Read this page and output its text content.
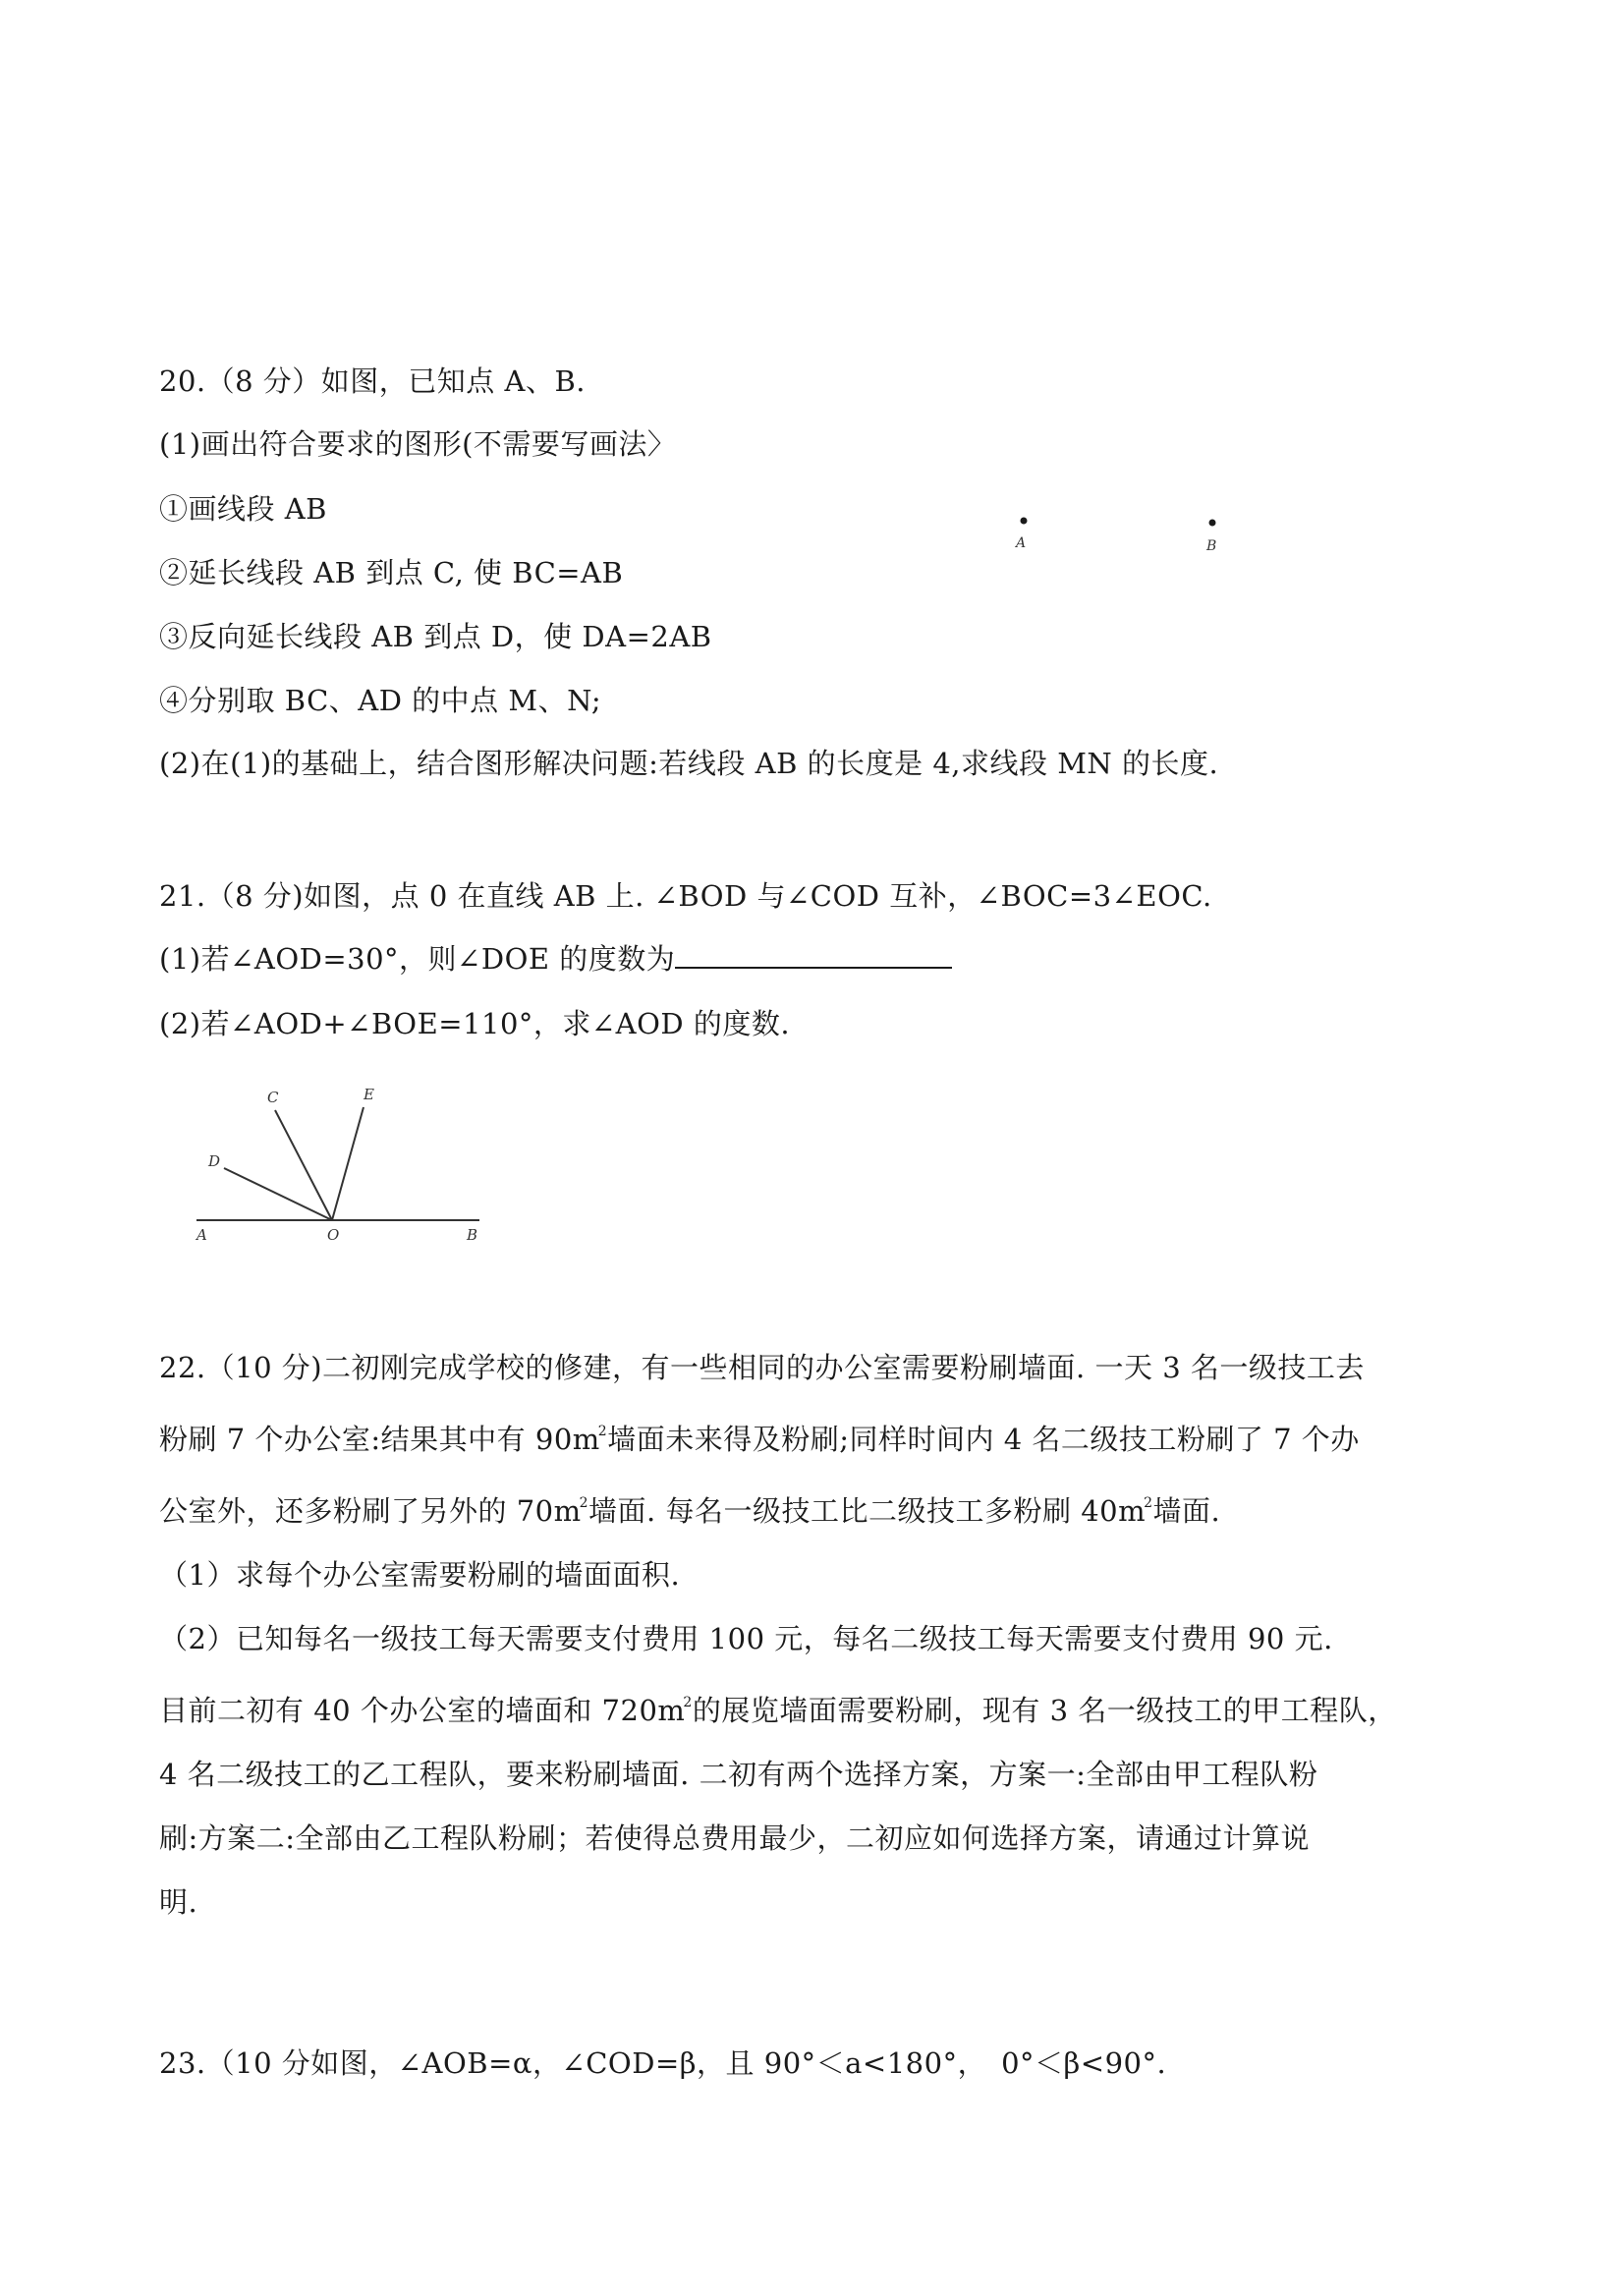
20.（8 分）如图，已知点 A、B.
(1)画出符合要求的图形(不需要写画法〉
①画线段 AB
②延长线段 AB 到点 C, 使 BC=AB
③反向延长线段 AB 到点 D，使 DA=2AB
④分别取 BC、AD 的中点 M、N;
(2)在(1)的基础上，结合图形解决问题:若线段 AB 的长度是 4,求线段 MN 的长度.
A	B
21.（8 分)如图，点 0 在直线 AB 上. ∠BOD 与∠COD 互补，∠BOC=3∠EOC.
(1)若∠AOD=30°，则∠DOE 的度数为
(2)若∠AOD+∠BOE=110°，求∠AOD 的度数.
A	O	B
C	E
D

22.（10 分)二初刚完成学校的修建，有一些相同的办公室需要粉刷墙面. 一天 3 名一级技工去

粉刷 7 个办公室:结果其中有 $90m^2$墙面未来得及粉刷;同样时间内 4 名二级技工粉刷了 7 个办

公室外，还多粉刷了另外的 $70m^2$墙面. 每名一级技工比二级技工多粉刷 $40m^2$墙面.

（1）求每个办公室需要粉刷的墙面面积.

（2）已知每名一级技工每天需要支付费用 100 元，每名二级技工每天需要支付费用 90 元.

目前二初有 40 个办公室的墙面和 $720m^2$的展览墙面需要粉刷，现有 3 名一级技工的甲工程队，

4 名二级技工的乙工程队，要来粉刷墙面. 二初有两个选择方案，方案一:全部由甲工程队粉

刷:方案二:全部由乙工程队粉刷；若使得总费用最少，二初应如何选择方案，请通过计算说

明.

23.（10 分如图，∠AOB=α，∠COD=β，且 90°＜a<180°，　0°＜β<90°.
